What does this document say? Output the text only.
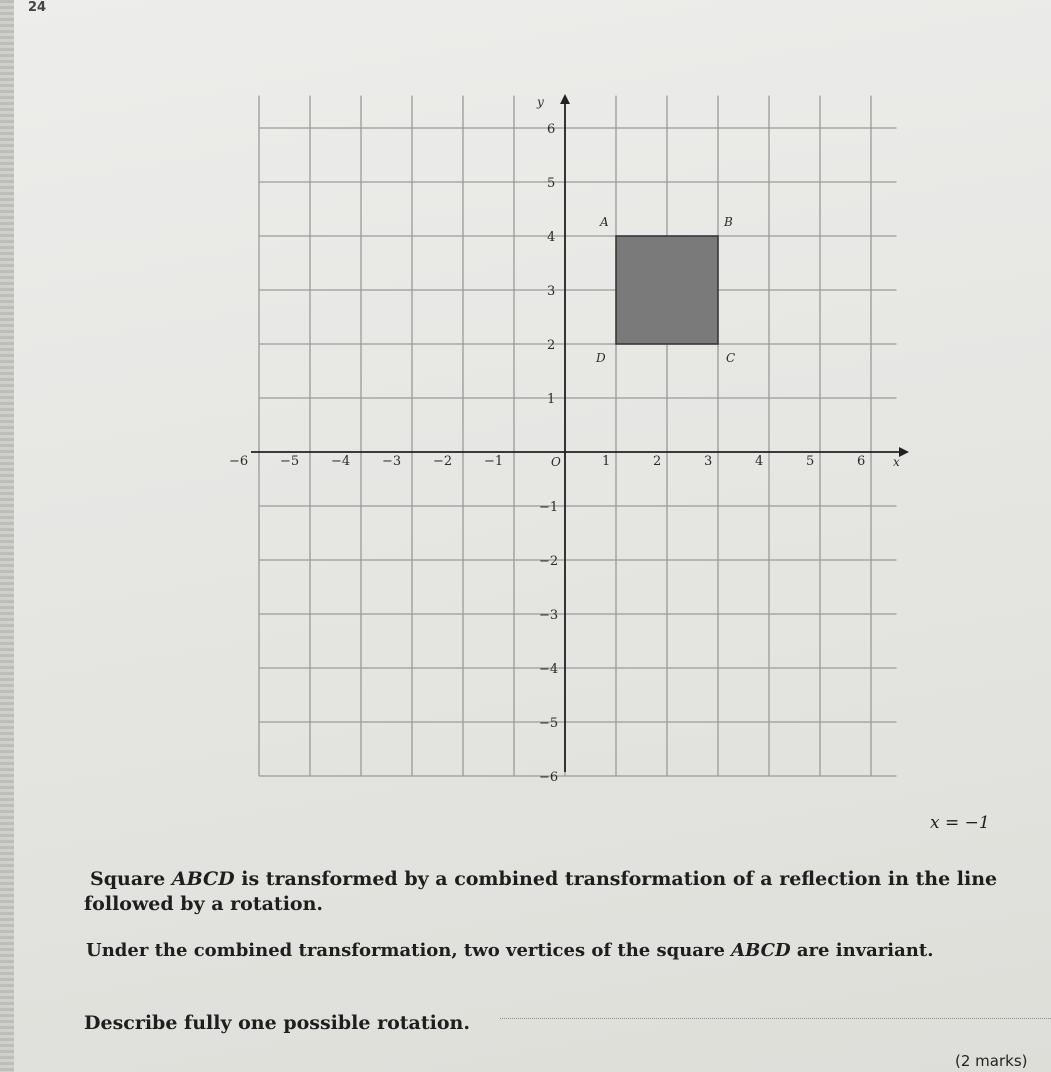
24
A	B
C
D
−6 −5 −4 −3 −2 −1	1	2	3	4	5	6
6
5
4
3
2
1
−1
−2
−3
−4
−5
−6
O	x
y
Square ABCD is transformed by a combined transformation of a reflection in the line
x = −1
followed by a rotation.
Under the combined transformation, two vertices of the square ABCD are invariant.
Describe fully one possible rotation.
(2 marks)
